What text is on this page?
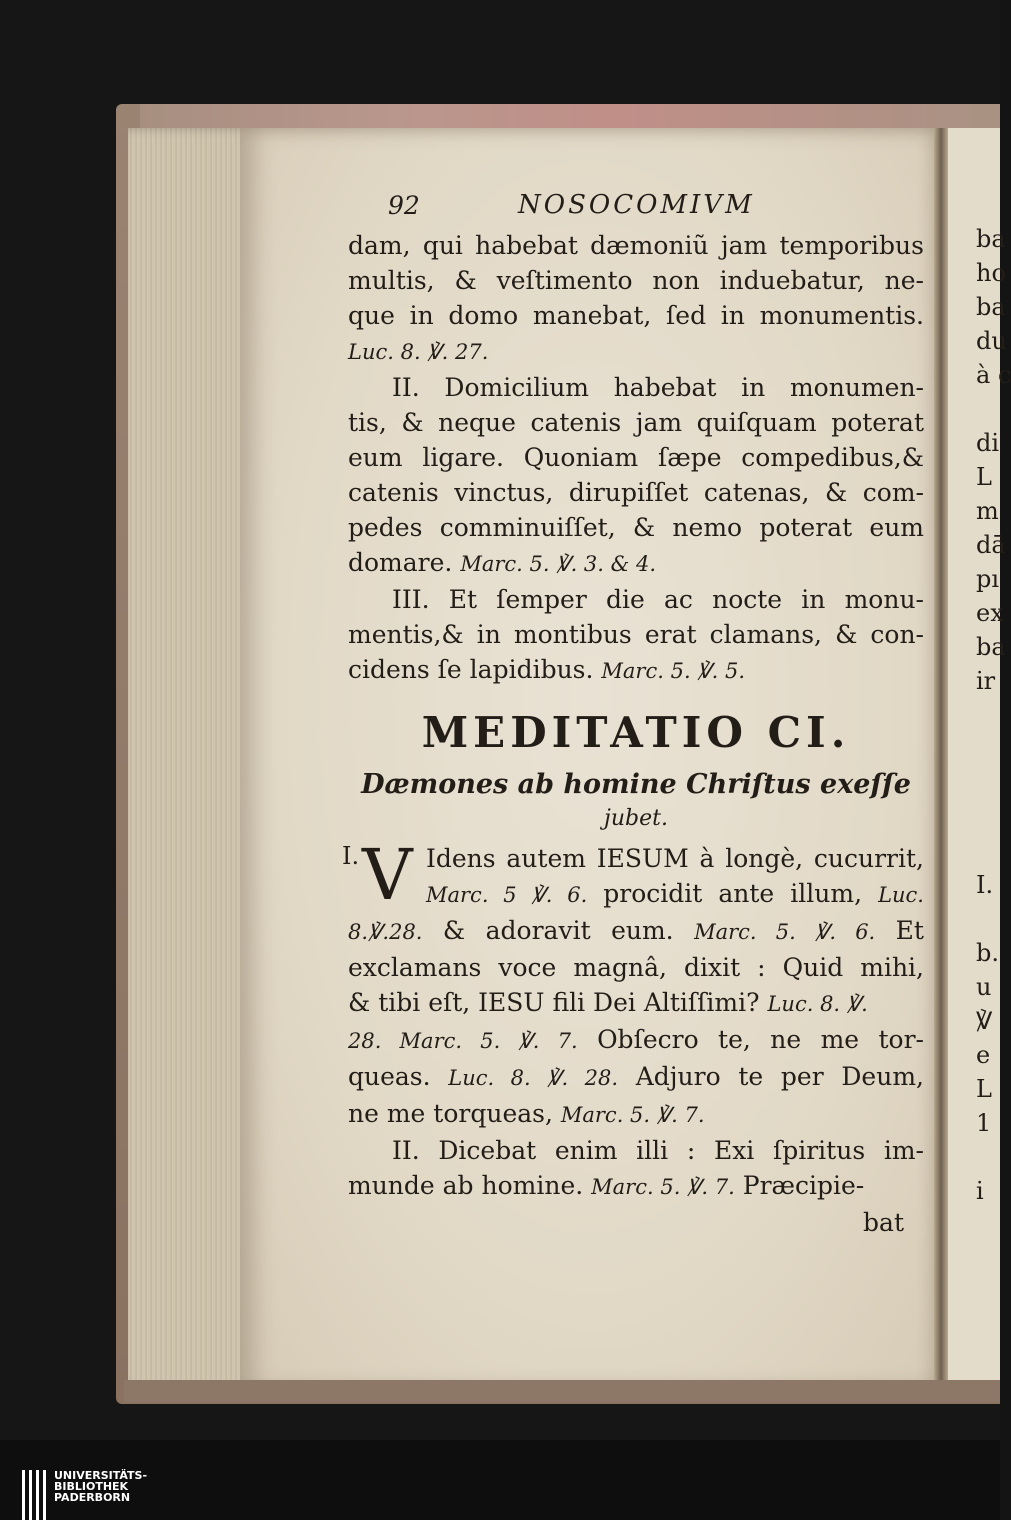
92	NOSOCOMIVM
dam, qui habebat dæmoniũ jam temporibus
multis, & veſtimento non induebatur, ne-
que in domo manebat, ſed in monumentis.
Luc. 8. ℣. 27.
II. Domicilium habebat in monumen-
tis, & neque catenis jam quiſquam poterat
eum ligare. Quoniam ſæpe compedibus,&
catenis vinctus, dirupiſſet catenas, & com-
pedes comminuiſſet, & nemo poterat eum
domare. Marc. 5. ℣. 3. & 4.
III. Et ſemper die ac nocte in monu-
mentis,& in montibus erat clamans, & con-
cidens ſe lapidibus. Marc. 5. ℣. 5.
MEDITATIO CI.
Dæmones ab homine Chriſtus exeſſe
jubet.
I. V Idens autem IESUM à longè, cucurrit,
Marc. 5 ℣. 6. procidit ante illum, Luc.
8.℣.28. & adoravit eum. Marc. 5. ℣. 6. Et
exclamans voce magnâ, dixit : Quid mihi,
& tibi eſt, IESU fili Dei Altiſſimi? Luc. 8. ℣.
28. Marc. 5. ℣. 7. Obſecro te, ne me tor-
queas. Luc. 8. ℣. 28. Adjuro te per Deum,
ne me torqueas, Marc. 5. ℣. 7.
II. Dicebat enim illi : Exi ſpiritus im-
munde ab homine. Marc. 5. ℣. 7. Præcipie-
bat
ba
ho
ba
du
à c
di
L
m
dā
pı
ex
ba
ir
I.
b.
u
℣
e
L
1
i
UNIVERSITÄTS-
BIBLIOTHEK
PADERBORN
